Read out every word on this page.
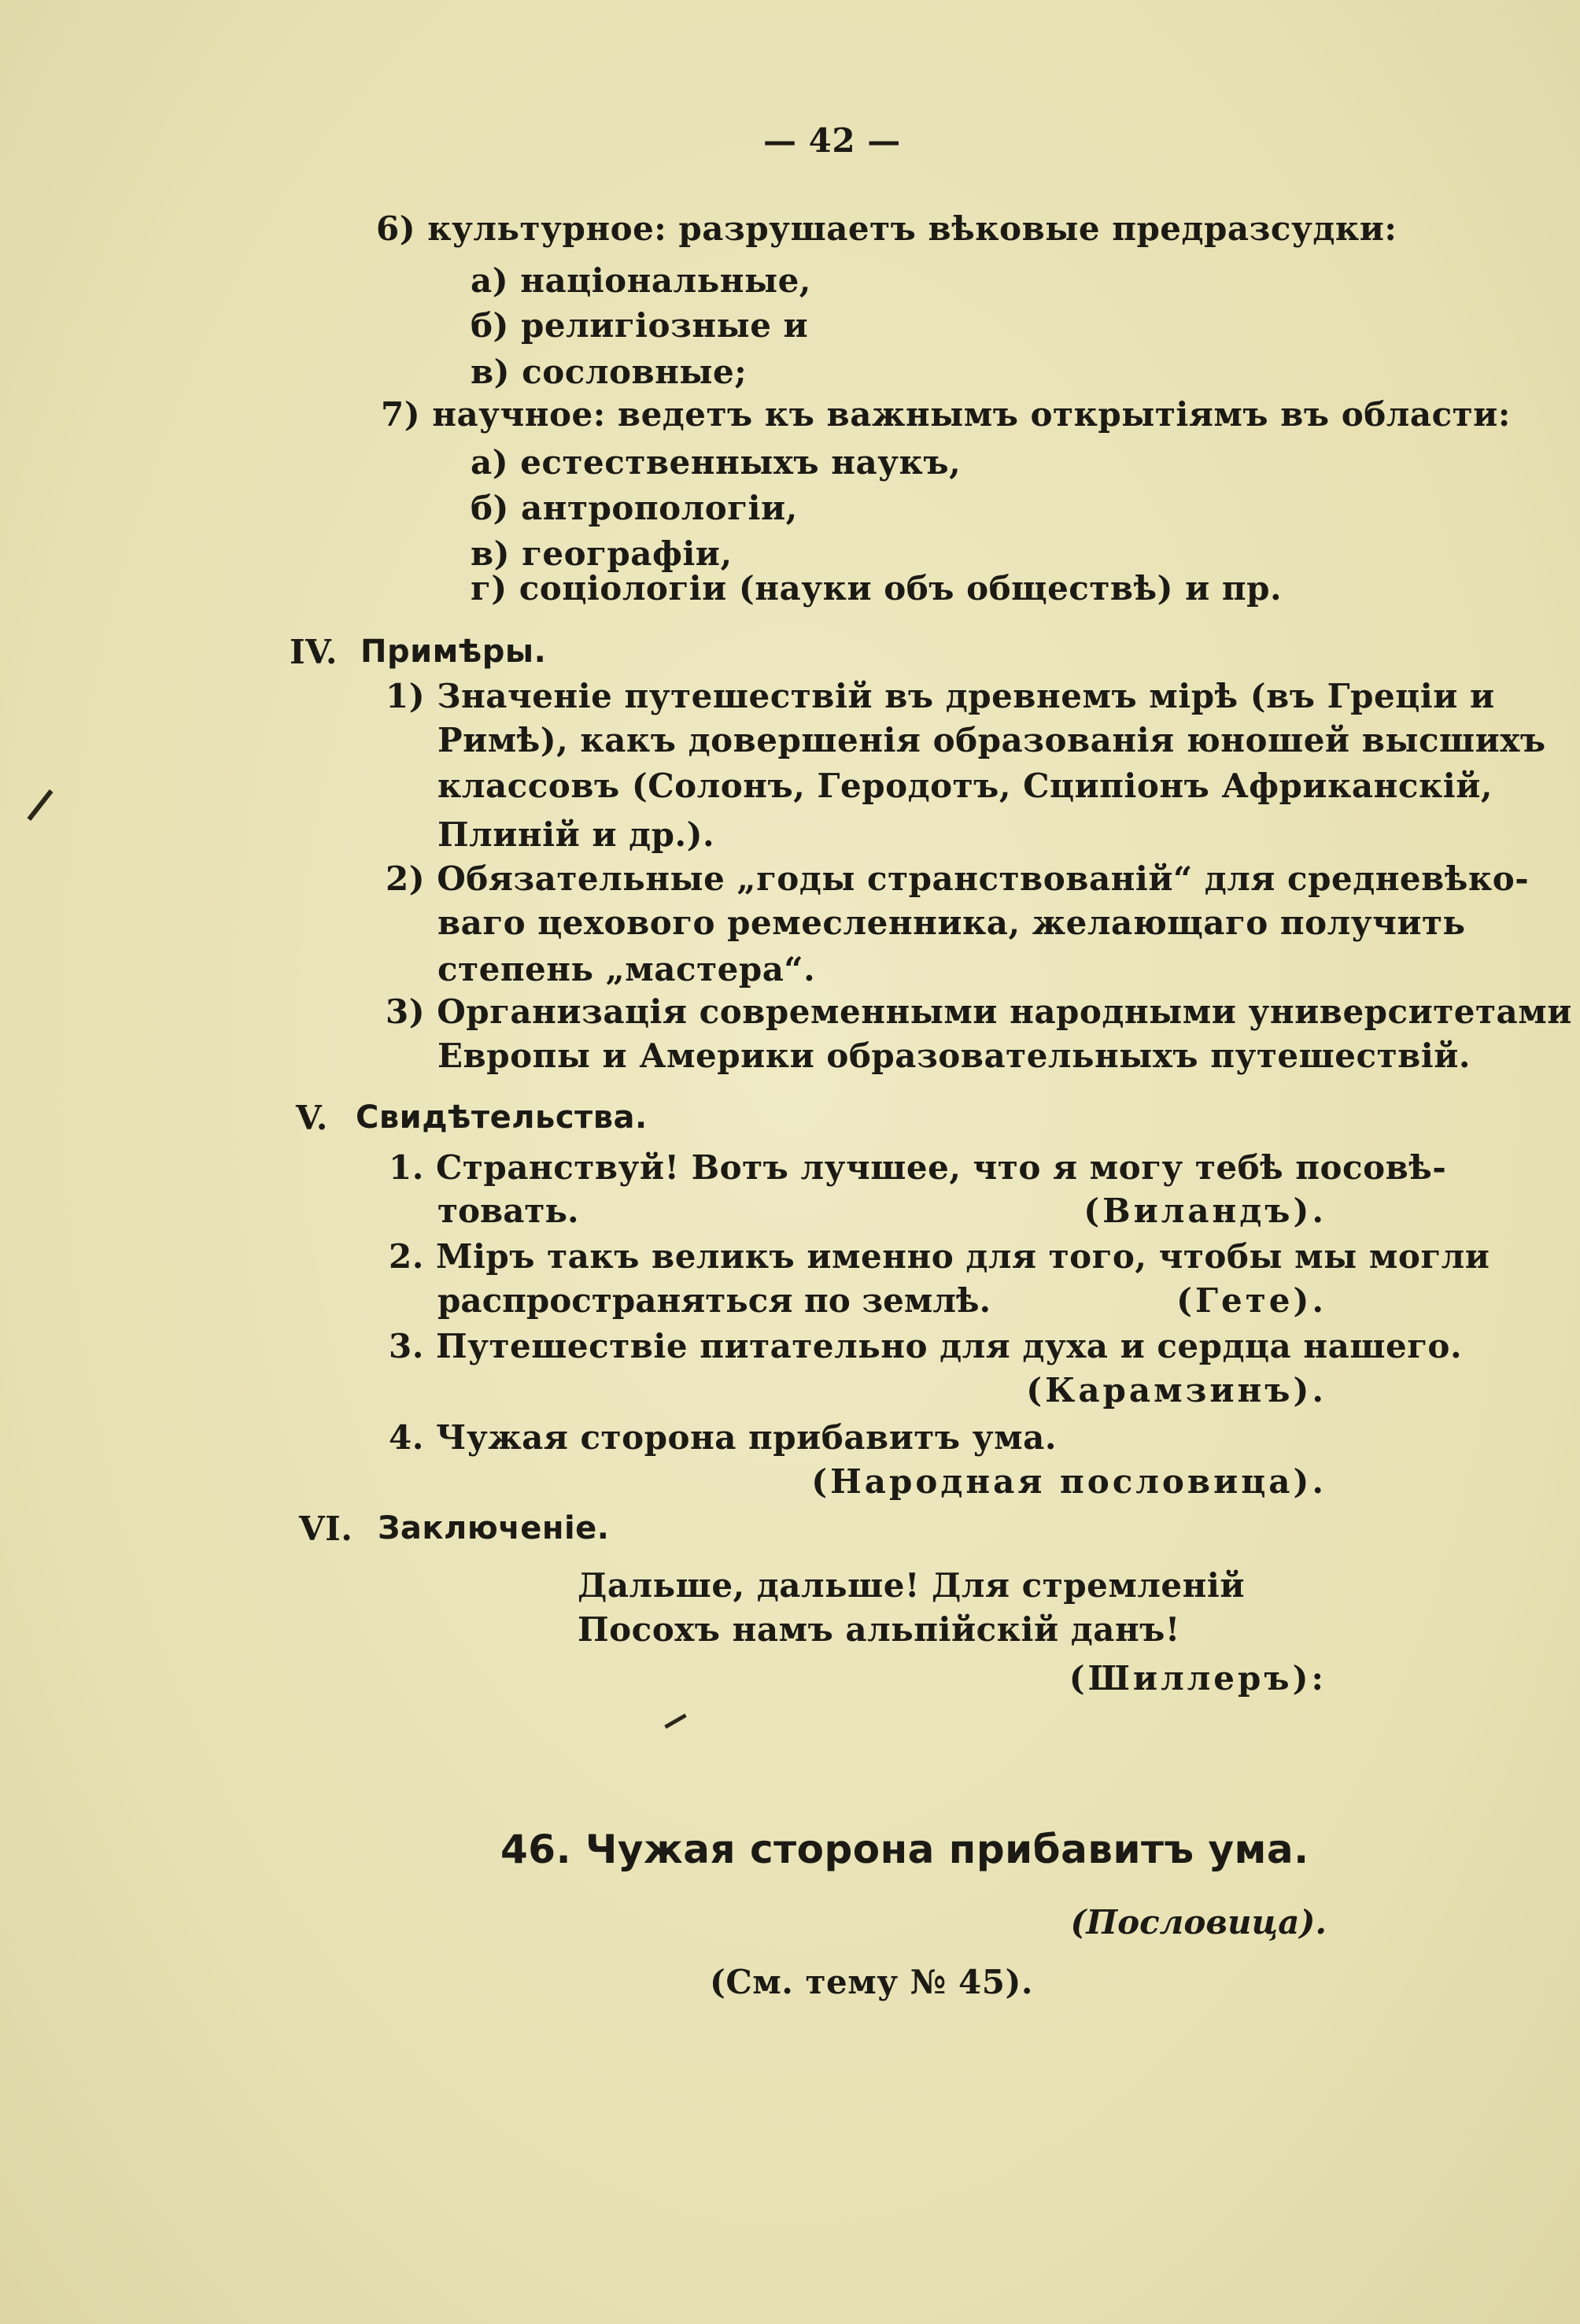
— 42 —
6) культурное: разрушаетъ вѣковые предразсудки:
а) національные,
б) религіозные и
в) сословные;
7) научное: ведетъ къ важнымъ открытіямъ въ области:
а) естественныхъ наукъ,
б) антропологіи,
в) географіи,
г) соціологіи (науки объ обществѣ) и пр.
IV. Примѣры.
1) Значеніе путешествій въ древнемъ мірѣ (въ Греціи и
Римѣ), какъ довершенія образованія юношей высшихъ
классовъ (Солонъ, Геродотъ, Сципіонъ Африканскій,
Плиній и др.).
2) Обязательные „годы странствованій“ для средневѣко-
ваго цехового ремесленника, желающаго получить
степень „мастера“.
3) Организація современными народными университетами
Европы и Америки образовательныхъ путешествій.
V. Свидѣтельства.
1. Странствуй! Вотъ лучшее, что я могу тебѣ посовѣ-
товать.	(Виландъ).
2. Міръ такъ великъ именно для того, чтобы мы могли
распространяться по землѣ.	(Гете).
3. Путешествіе питательно для духа и сердца нашего.
(Карамзинъ).
4. Чужая сторона прибавитъ ума.
(Народная пословица).
VI. Заключеніе.
Дальше, дальше! Для стремленій
Посохъ намъ альпійскій данъ!
(Шиллеръ):
46. Чужая сторона прибавитъ ума.
(Пословица).
(См. тему № 45).
